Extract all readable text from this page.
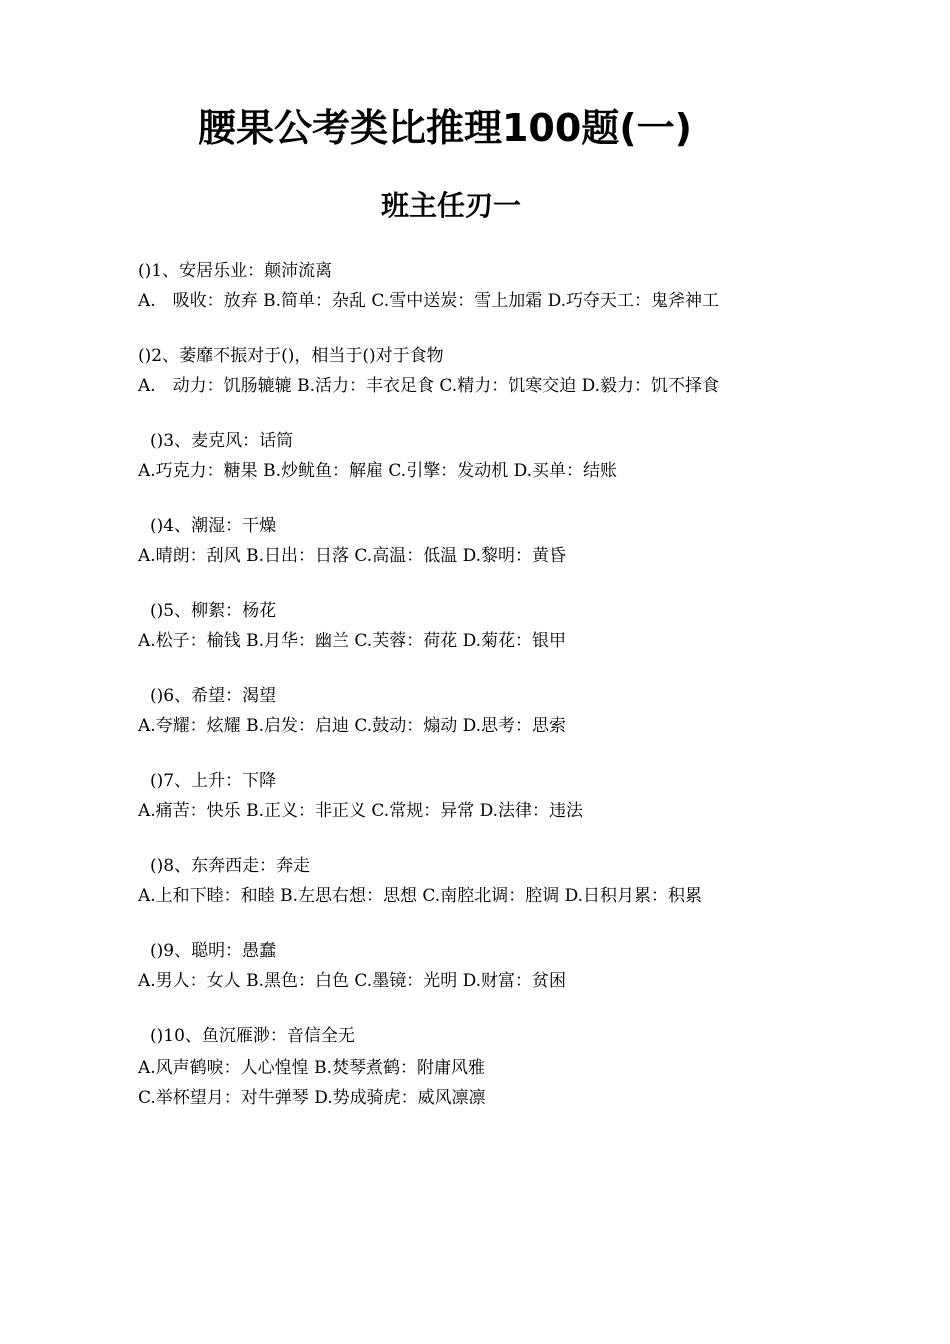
腰果公考类比推理100题(一)
班主任刃一

()1、安居乐业：颠沛流离

A.　吸收：放弃 B.简单：杂乱 C.雪中送炭：雪上加霜 D.巧夺天工：鬼斧神工

()2、萎靡不振对于()，相当于()对于食物

A.　动力：饥肠辘辘 B.活力：丰衣足食 C.精力：饥寒交迫 D.毅力：饥不择食

()3、麦克风：话筒

A.巧克力：糖果 B.炒鱿鱼：解雇 C.引擎：发动机 D.买单：结账

()4、潮湿：干燥

A.晴朗：刮风 B.日出：日落 C.高温：低温 D.黎明：黄昏

()5、柳絮：杨花

A.松子：榆钱 B.月华：幽兰 C.芙蓉：荷花 D.菊花：银甲

()6、希望：渴望

A.夸耀：炫耀 B.启发：启迪 C.鼓动：煽动 D.思考：思索

()7、上升：下降

A.痛苦：快乐 B.正义：非正义 C.常规：异常 D.法律：违法

()8、东奔西走：奔走

A.上和下睦：和睦 B.左思右想：思想 C.南腔北调：腔调 D.日积月累：积累

()9、聪明：愚蠢

A.男人：女人 B.黑色：白色 C.墨镜：光明 D.财富：贫困

()10、鱼沉雁渺：音信全无

A.风声鹤唳：人心惶惶 B.焚琴煮鹤：附庸风雅
C.举杯望月：对牛弹琴 D.势成骑虎：威风凛凛
